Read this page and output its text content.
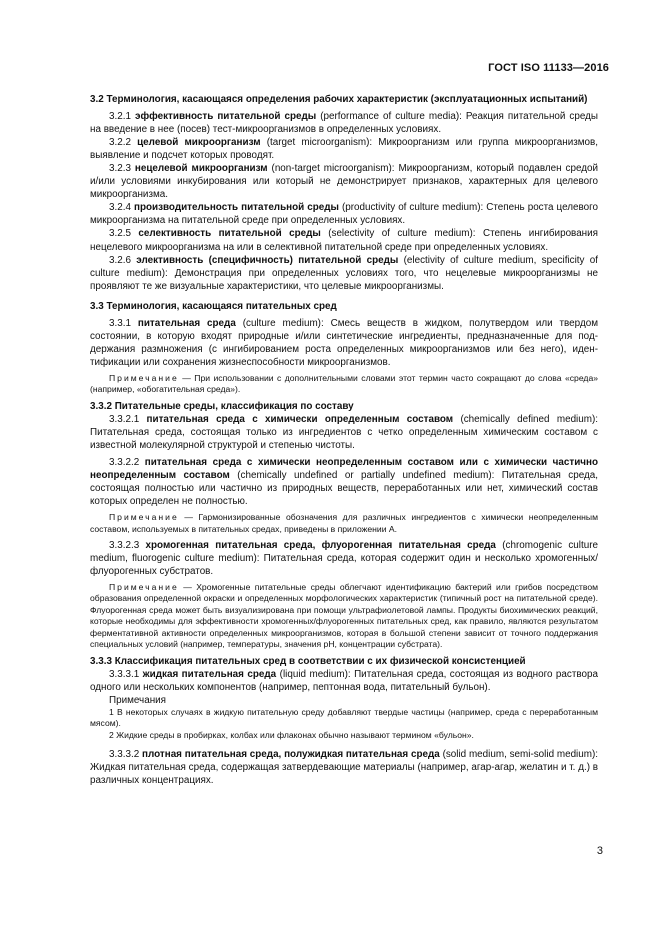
ГОСТ ISO 11133—2016

3.2 Терминология, касающаяся определения рабочих характеристик (эксплуатационных испытаний)

3.2.1 эффективность питательной среды (performance of culture media): Реакция питательной среды на введение в нее (посев) тест-микроорганизмов в определенных условиях.

3.2.2 целевой микроорганизм (target microorganism): Микроорганизм или группа микроорганизмов, выявление и подсчет которых проводят.

3.2.3 нецелевой микроорганизм (non-target microorganism): Микроорганизм, который подавлен средой и/или условиями инкубирования или который не демонстрирует признаков, характерных для целевого микроорганизма.

3.2.4 производительность питательной среды (productivity of culture medium): Степень роста целевого микроорганизма на питательной среде при определенных условиях.

3.2.5 селективность питательной среды (selectivity of culture medium): Степень ингибирования нецелевого микроорганизма на или в селективной питательной среде при определенных условиях.

3.2.6 элективность (специфичность) питательной среды (electivity of culture medium, specificity of culture medium): Демонстрация при определенных условиях того, что нецелевые микроорганизмы не проявляют те же визуальные характеристики, что целевые микроорганизмы.

3.3 Терминология, касающаяся питательных сред

3.3.1 питательная среда (culture medium): Смесь веществ в жидком, полутвердом или твердом состоянии, в которую входят природные и/или синтетические ингредиенты, предназначенные для поддержания размножения (с ингибированием роста определенных микроорганизмов или без него), идентификации или сохранения жизнеспособности микроорганизмов.

Примечание — При использовании с дополнительными словами этот термин часто сокращают до слова «среда» (например, «обогатительная среда»).

3.3.2 Питательные среды, классификация по составу

3.3.2.1 питательная среда с химически определенным составом (chemically defined medium): Питательная среда, состоящая только из ингредиентов с четко определенным химическим составом с известной молекулярной структурой и степенью чистоты.

3.3.2.2 питательная среда с химически неопределенным составом или с химически частично неопределенным составом (chemically undefined or partially undefined medium): Питательная среда, состоящая полностью или частично из природных веществ, переработанных или нет, химический состав которых определен не полностью.

Примечание — Гармонизированные обозначения для различных ингредиентов с химически неопределенным составом, используемых в питательных средах, приведены в приложении А.

3.3.2.3 хромогенная питательная среда, флуорогенная питательная среда (chromogenic culture medium, fluorogenic culture medium): Питательная среда, которая содержит один и несколько хромогенных/флуорогенных субстратов.

Примечание — Хромогенные питательные среды облегчают идентификацию бактерий или грибов посредством образования определенной окраски и определенных морфологических характеристик (типичный рост на питательной среде). Флуорогенная среда может быть визуализирована при помощи ультрафиолетовой лампы. Продукты биохимических реакций, которые необходимы для эффективности хромогенных/флуорогенных питательных сред, как правило, являются результатом ферментативной активности определенных микроорганизмов, которая в большой степени зависит от точного поддержания специальных условий (например, температуры, значения pH, концентрации субстрата).

3.3.3 Классификация питательных сред в соответствии с их физической консистенцией

3.3.3.1 жидкая питательная среда (liquid medium): Питательная среда, состоящая из водного раствора одного или нескольких компонентов (например, пептонная вода, питательный бульон).

Примечания

1 В некоторых случаях в жидкую питательную среду добавляют твердые частицы (например, среда с переработанным мясом).

2 Жидкие среды в пробирках, колбах или флаконах обычно называют термином «бульон».

3.3.3.2 плотная питательная среда, полужидкая питательная среда (solid medium, semi-solid medium): Жидкая питательная среда, содержащая затвердевающие материалы (например, агар-агар, желатин и т. д.) в различных концентрациях.

3
